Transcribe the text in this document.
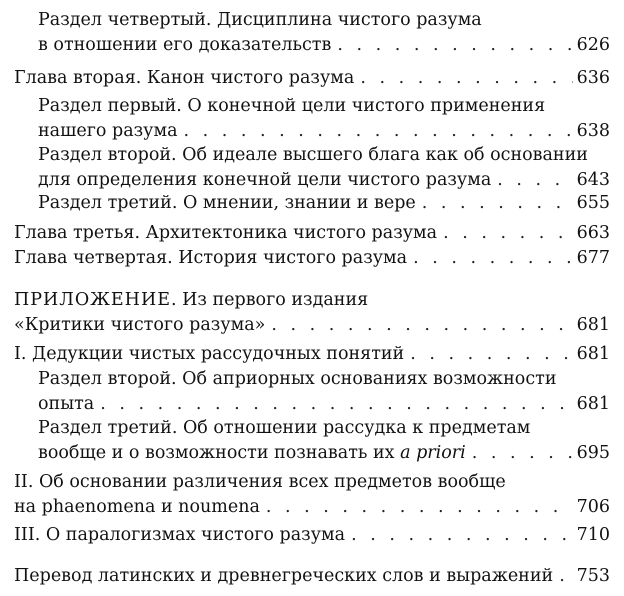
Раздел четвертый. Дисциплина чистого разума
в отношении его доказательств . . .	626
Глава вторая. Канон чистого разума . . .	636
Раздел первый. О конечной цели чистого применения
нашего разума . . .	638
Раздел второй. Об идеале высшего блага как об основании
для определения конечной цели чистого разума . . .	643
Раздел третий. О мнении, знании и вере . . .	655
Глава третья. Архитектоника чистого разума . . .	663
Глава четвертая. История чистого разума . . .	677
ПРИЛОЖЕНИЕ. Из первого издания
«Критики чистого разума» . . .	681
I. Дедукции чистых рассудочных понятий . . .	681
Раздел второй. Об априорных основаниях возможности
опыта . . .	681
Раздел третий. Об отношении рассудка к предметам
вообще и о возможности познавать их a priori . . .	695
II. Об основании различения всех предметов вообще
на phaenomena и noumena . . .	706
III. О паралогизмах чистого разума . . .	710
Перевод латинских и древнегреческих слов и выражений . . . 753
